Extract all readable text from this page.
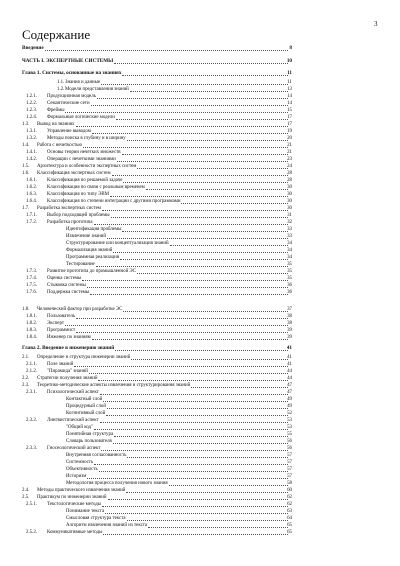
3
Содержание
Введение	8
ЧАСТЬ I. ЭКСПЕРТНЫЕ СИСТЕМЫ	10
Глава 1. Системы, основанные на знаниях	11
1.1. Знания и данные	11
1.2. Модели представления знаний	13
1.2.1. Продукционная модель	14
1.2.2. Семантические сети	14
1.2.3. Фреймы	15
1.2.4. Формальные логические модели	17
1.3. Вывод на знаниях	17
1.3.1. Управление выводом	19
1.3.2. Методы поиска в глубину и в ширину	20
1.4. Работа с нечеткостью	21
1.4.1. Основы теории нечетких множеств	21
1.4.2. Операции с нечеткими знаниями	23
1.5. Архитектура и особенности экспертных систем	24
1.6. Классификация экспертных систем	28
1.6.1. Классификация по решаемой задаче	28
1.6.2. Классификация по связи с реальным временем	30
1.6.3. Классификация по типу ЭВМ	30
1.6.4. Классификация по степени интеграции с другими программами	30
1.7. Разработка экспертных систем	30
1.7.1. Выбор подходящей проблемы	31
1.7.2. Разработка прототипа	32
Идентификация проблемы	33
Извлечение знаний	33
Структурирование или концептуализация знаний	34
Формализация знаний	34
Программная реализация	34
Тестирование	35
1.7.3. Развитие прототипа до промышленной ЭС	35
1.7.4. Оценка системы	35
1.7.5. Стыковка системы	36
1.7.6. Поддержка системы	36
1.8. Человеческий фактор при разработке ЭС	37
1.8.1. Пользователь	38
1.8.2. Эксперт	38
1.8.3. Программист	39
1.8.4. Инженер по знаниям	39
Глава 2. Введение в инженерию знаний	41
2.1. Определение и структура инженерии знаний	41
2.1.1. Поле знаний	41
2.1.2. "Пирамида" знаний	44
2.2. Стратегии получения знаний	44
2.3. Теоретико-методические аспекты извлечения и структурирования знаний	47
2.3.1. Психологический аспект	47
Контактный слой	49
Процедурный слой	49
Когнитивный слой	52
2.3.2. Лингвистический аспект	53
"Общий код"	53
Понятийная структура	55
Словарь пользователя	56
2.3.3. Гносеологический аспект	56
Внутренняя согласованность	57
Системность	57
Объективность	57
Историзм	57
Методология процесса получения нового знания	58
2.4. Методы практического извлечения знаний	60
2.5. Практикум по инженерии знаний	62
2.5.1. Текстологические методы	62
Понимание текста	63
Смысловая структура текста	64
Алгоритм извлечения знаний из текста	65
2.5.2. Коммуникативные методы	65
